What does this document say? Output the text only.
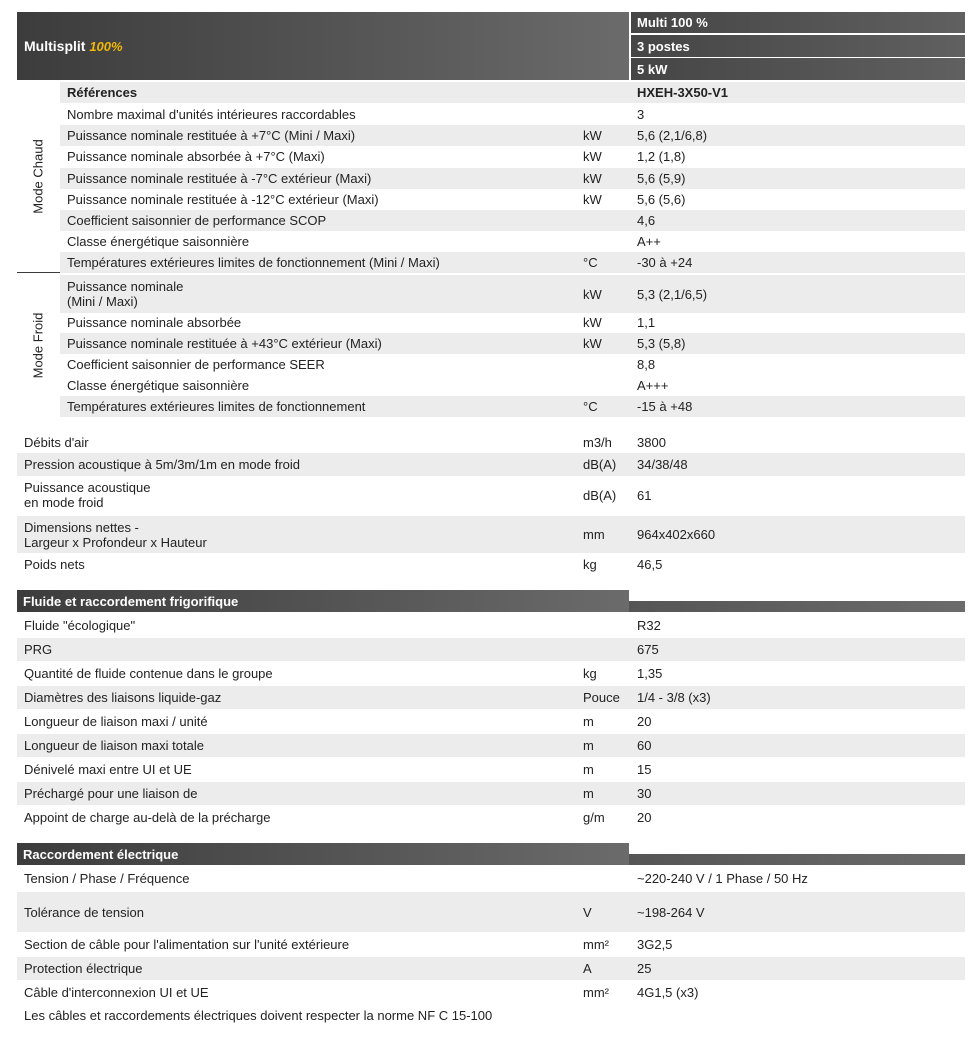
Multisplit 100%
Multi 100 %
3 postes
5 kW
Mode Chaud
Mode Froid
Références	HXEH-3X50-V1
Nombre maximal d'unités intérieures raccordables	3
Puissance nominale restituée à +7°C (Mini / Maxi)	kW	5,6 (2,1/6,8)
Puissance nominale absorbée à +7°C (Maxi)	kW	1,2 (1,8)
Puissance nominale restituée à -7°C extérieur (Maxi)	kW	5,6 (5,9)
Puissance nominale restituée à -12°C extérieur (Maxi)	kW	5,6 (5,6)
Coefficient saisonnier de performance SCOP	4,6
Classe énergétique saisonnière	A++
Températures extérieures limites de fonctionnement (Mini / Maxi)	°C	-30 à +24
Puissance nominale
(Mini / Maxi)	kW	5,3 (2,1/6,5)
Puissance nominale absorbée	kW	1,1
Puissance nominale restituée à +43°C extérieur (Maxi)	kW	5,3 (5,8)
Coefficient saisonnier de performance SEER	8,8
Classe énergétique saisonnière	A+++
Températures extérieures limites de fonctionnement	°C	-15 à +48
Débits d'air	m3/h	3800
Pression acoustique à 5m/3m/1m en mode froid	dB(A)	34/38/48
Puissance acoustique
en mode froid	dB(A)	61
Dimensions nettes -
Largeur x Profondeur x Hauteur	mm	964x402x660
Poids nets	kg	46,5
Fluide "écologique"	R32
PRG	675
Quantité de fluide contenue dans le groupe	kg	1,35
Diamètres des liaisons liquide-gaz	Pouce	1/4 - 3/8 (x3)
Longueur de liaison maxi / unité	m	20
Longueur de liaison maxi totale	m	60
Dénivelé maxi entre UI et UE	m	15
Préchargé pour une liaison de	m	30
Appoint de charge au-delà de la précharge	g/m	20
Tension / Phase / Fréquence	~220-240 V / 1 Phase / 50 Hz
Tolérance de tension	V	~198-264 V
Section de câble pour l'alimentation sur l'unité extérieure	mm²	3G2,5
Protection électrique	A	25
Câble d'interconnexion UI et UE	mm²	4G1,5 (x3)
Fluide et raccordement frigorifique
Raccordement électrique
Les câbles et raccordements électriques doivent respecter la norme NF C 15-100
